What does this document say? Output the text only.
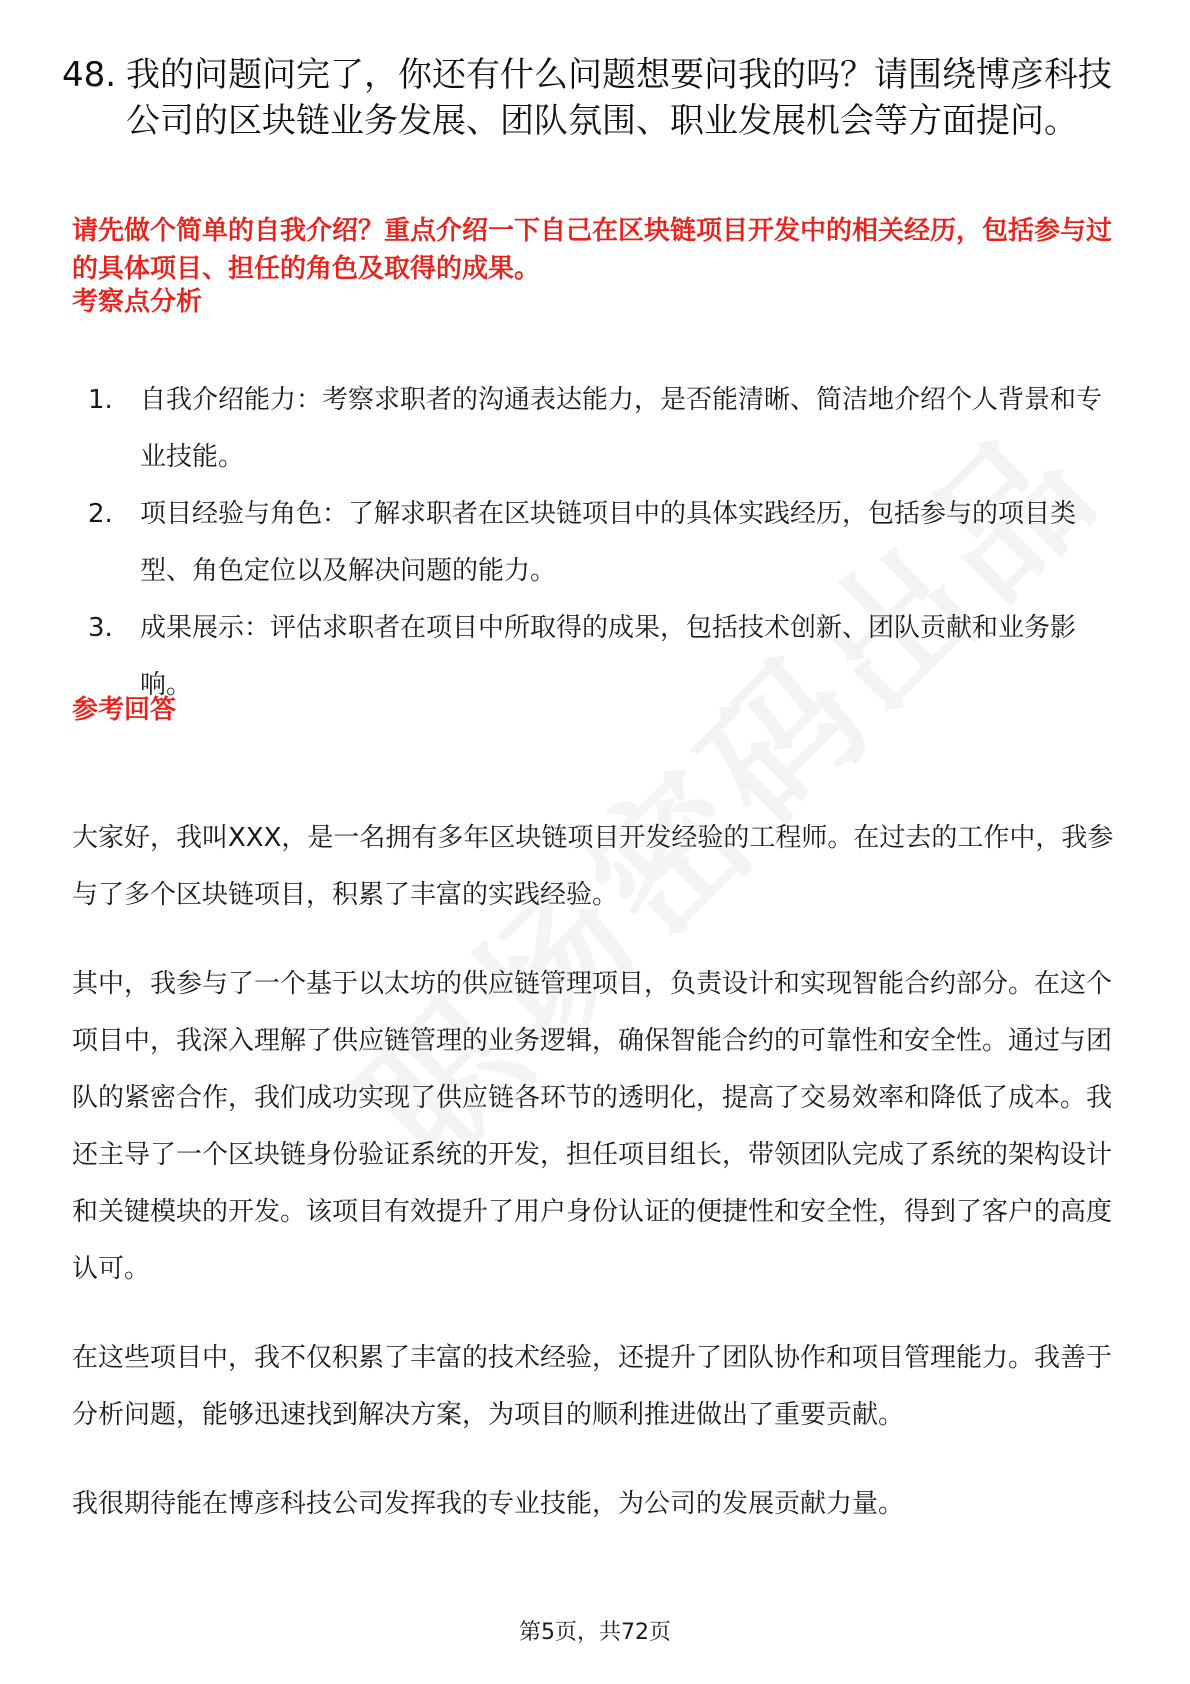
48. 我的问题问完了，你还有什么问题想要问我的吗？请围绕博彦科技公司的区块链业务发展、团队氛围、职业发展机会等方面提问。
请先做个简单的自我介绍？重点介绍一下自己在区块链项目开发中的相关经历，包括参与过的具体项目、担任的角色及取得的成果。
考察点分析
1.	自我介绍能力：考察求职者的沟通表达能力，是否能清晰、简洁地介绍个人背景和专业技能。
2.	项目经验与角色：了解求职者在区块链项目中的具体实践经历，包括参与的项目类型、角色定位以及解决问题的能力。
3.	成果展示：评估求职者在项目中所取得的成果，包括技术创新、团队贡献和业务影响。
参考回答

大家好，我叫XXX，是一名拥有多年区块链项目开发经验的工程师。在过去的工作中，我参与了多个区块链项目，积累了丰富的实践经验。

其中，我参与了一个基于以太坊的供应链管理项目，负责设计和实现智能合约部分。在这个项目中，我深入理解了供应链管理的业务逻辑，确保智能合约的可靠性和安全性。通过与团队的紧密合作，我们成功实现了供应链各环节的透明化，提高了交易效率和降低了成本。我还主导了一个区块链身份验证系统的开发，担任项目组长，带领团队完成了系统的架构设计和关键模块的开发。该项目有效提升了用户身份认证的便捷性和安全性，得到了客户的高度认可。

在这些项目中，我不仅积累了丰富的技术经验，还提升了团队协作和项目管理能力。我善于分析问题，能够迅速找到解决方案，为项目的顺利推进做出了重要贡献。

我很期待能在博彦科技公司发挥我的专业技能，为公司的发展贡献力量。

第5页，共72页
